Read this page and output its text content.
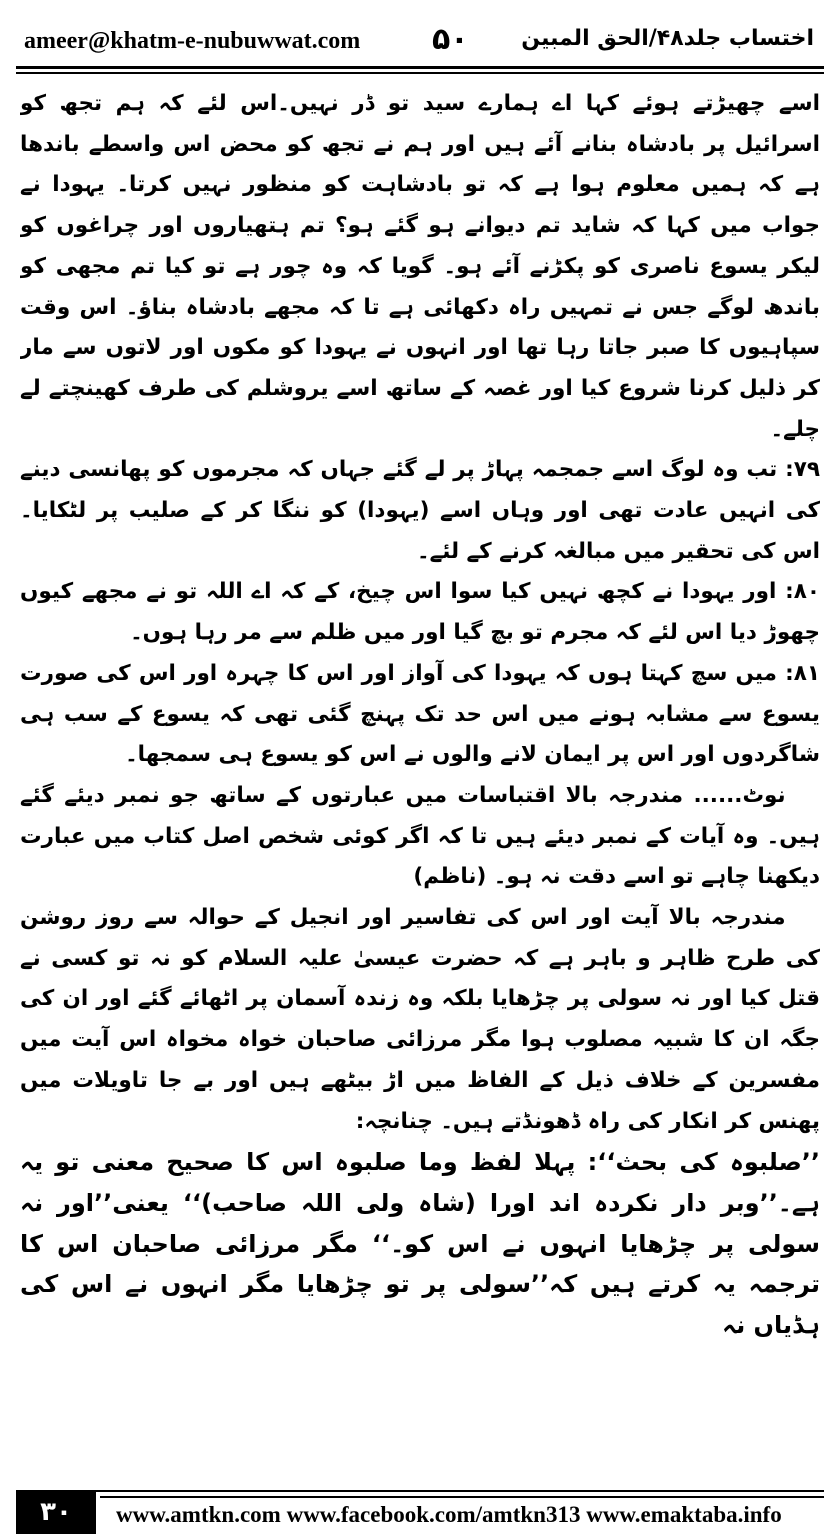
ameer@khatm-e-nubuwwat.com ۵۰ اختساب جلد۴۸/الحق المبین

اسے چھیڑتے ہوئے کہا اے ہمارے سید تو ڈر نہیں۔اس لئے کہ ہم تجھ کو اسرائیل پر بادشاہ بنانے آئے ہیں اور ہم نے تجھ کو محض اس واسطے باندھا ہے کہ ہمیں معلوم ہوا ہے کہ تو بادشاہت کو منظور نہیں کرتا۔ یہودا نے جواب میں کہا کہ شاید تم دیوانے ہو گئے ہو؟ تم ہتھیاروں اور چراغوں کو لیکر یسوع ناصری کو پکڑنے آئے ہو۔ گویا کہ وہ چور ہے تو کیا تم مجھی کو باندھ لوگے جس نے تمہیں راہ دکھائی ہے تا کہ مجھے بادشاہ بناؤ۔ اس وقت سپاہیوں کا صبر جاتا رہا تھا اور انہوں نے یہودا کو مکوں اور لاتوں سے مار کر ذلیل کرنا شروع کیا اور غصہ کے ساتھ اسے یروشلم کی طرف کھینچتے لے چلے۔

۷۹: تب وہ لوگ اسے جمجمہ پہاڑ پر لے گئے جہاں کہ مجرموں کو پھانسی دینے کی انہیں عادت تھی اور وہاں اسے (یہودا) کو ننگا کر کے صلیب پر لٹکایا۔ اس کی تحقیر میں مبالغہ کرنے کے لئے۔

۸۰: اور یہودا نے کچھ نہیں کیا سوا اس چیخ، کے کہ اے اللہ تو نے مجھے کیوں چھوڑ دیا اس لئے کہ مجرم تو بچ گیا اور میں ظلم سے مر رہا ہوں۔

۸۱: میں سچ کہتا ہوں کہ یہودا کی آواز اور اس کا چہرہ اور اس کی صورت یسوع سے مشابہ ہونے میں اس حد تک پہنچ گئی تھی کہ یسوع کے سب ہی شاگردوں اور اس پر ایمان لانے والوں نے اس کو یسوع ہی سمجھا۔

نوٹ...... مندرجہ بالا اقتباسات میں عبارتوں کے ساتھ جو نمبر دیئے گئے ہیں۔ وہ آیات کے نمبر دیئے ہیں تا کہ اگر کوئی شخص اصل کتاب میں عبارت دیکھنا چاہے تو اسے دقت نہ ہو۔ (ناظم)

مندرجہ بالا آیت اور اس کی تفاسیر اور انجیل کے حوالہ سے روز روشن کی طرح ظاہر و باہر ہے کہ حضرت عیسیٰ علیہ السلام کو نہ تو کسی نے قتل کیا اور نہ سولی پر چڑھایا بلکہ وہ زندہ آسمان پر اٹھائے گئے اور ان کی جگہ ان کا شبیہ مصلوب ہوا مگر مرزائی صاحبان خواہ مخواہ اس آیت میں مفسرین کے خلاف ذیل کے الفاظ میں اڑ بیٹھے ہیں اور بے جا تاویلات میں پھنس کر انکار کی راہ ڈھونڈتے ہیں۔ چنانچہ:

’’صلبوہ کی بحث‘‘: پہلا لفظ وما صلبوہ اس کا صحیح معنی تو یہ ہے۔’’وبر دار نکردہ اند اورا (شاہ ولی اللہ صاحب)‘‘ یعنی’’اور نہ سولی پر چڑھایا انہوں نے اس کو۔‘‘ مگر مرزائی صاحبان اس کا ترجمہ یہ کرتے ہیں کہ’’سولی پر تو چڑھایا مگر انہوں نے اس کی ہڈیاں نہ

۳۰	www.amtkn.com www.facebook.com/amtkn313 www.emaktaba.info
